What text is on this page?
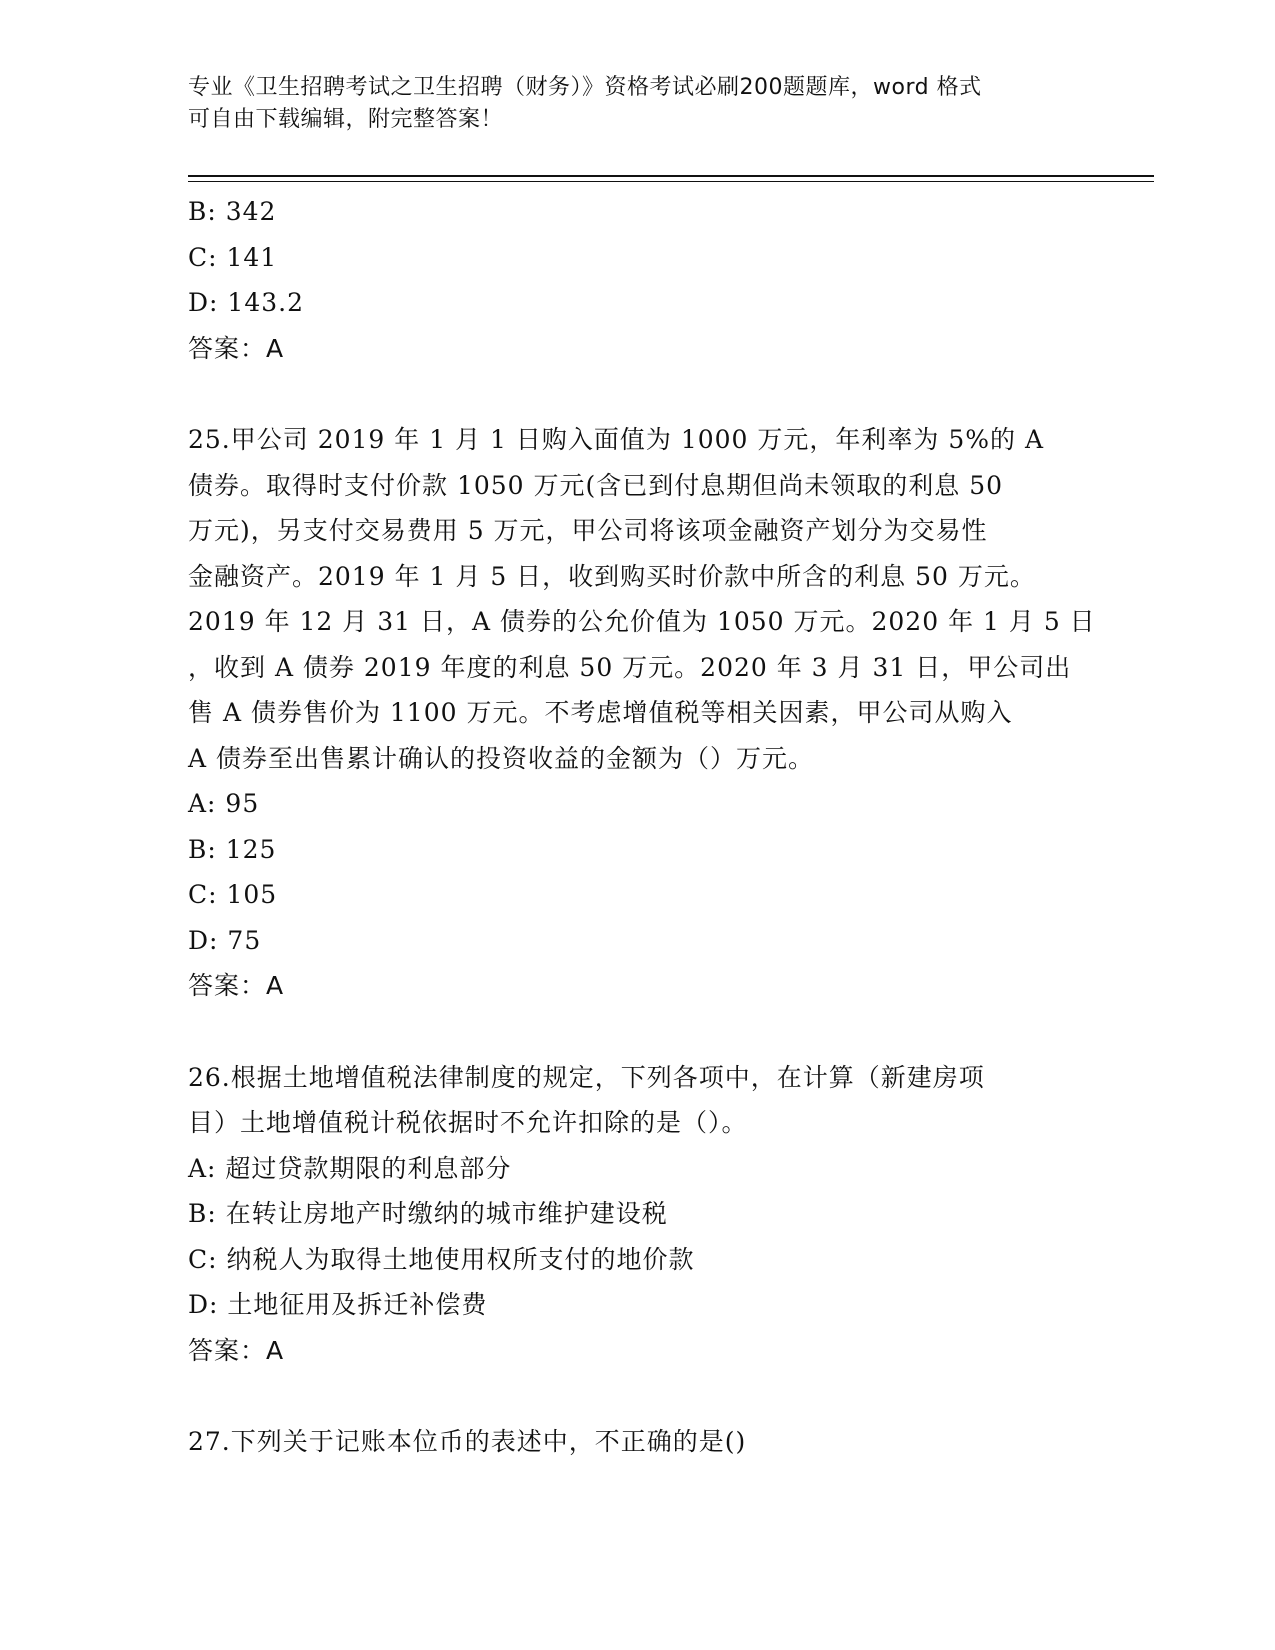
专业《卫生招聘考试之卫生招聘（财务）》资格考试必刷200题题库，word 格式
可自由下载编辑，附完整答案！
B: 342
C: 141
D: 143.2
答案：A
25.甲公司 2019 年 1 月 1 日购入面值为 1000 万元，年利率为 5%的 A
债券。取得时支付价款 1050 万元(含已到付息期但尚未领取的利息 50
万元)，另支付交易费用 5 万元，甲公司将该项金融资产划分为交易性
金融资产。2019 年 1 月 5 日，收到购买时价款中所含的利息 50 万元。
2019 年 12 月 31 日，A 债券的公允价值为 1050 万元。2020 年 1 月 5 日
，收到 A 债券 2019 年度的利息 50 万元。2020 年 3 月 31 日，甲公司出
售 A 债券售价为 1100 万元。不考虑增值税等相关因素，甲公司从购入
A 债券至出售累计确认的投资收益的金额为（）万元。
A: 95
B: 125
C: 105
D: 75
答案：A
26.根据土地增值税法律制度的规定，下列各项中，在计算（新建房项
目）土地增值税计税依据时不允许扣除的是（）。
A: 超过贷款期限的利息部分
B: 在转让房地产时缴纳的城市维护建设税
C: 纳税人为取得土地使用权所支付的地价款
D: 土地征用及拆迁补偿费
答案：A
27.下列关于记账本位币的表述中，不正确的是()
